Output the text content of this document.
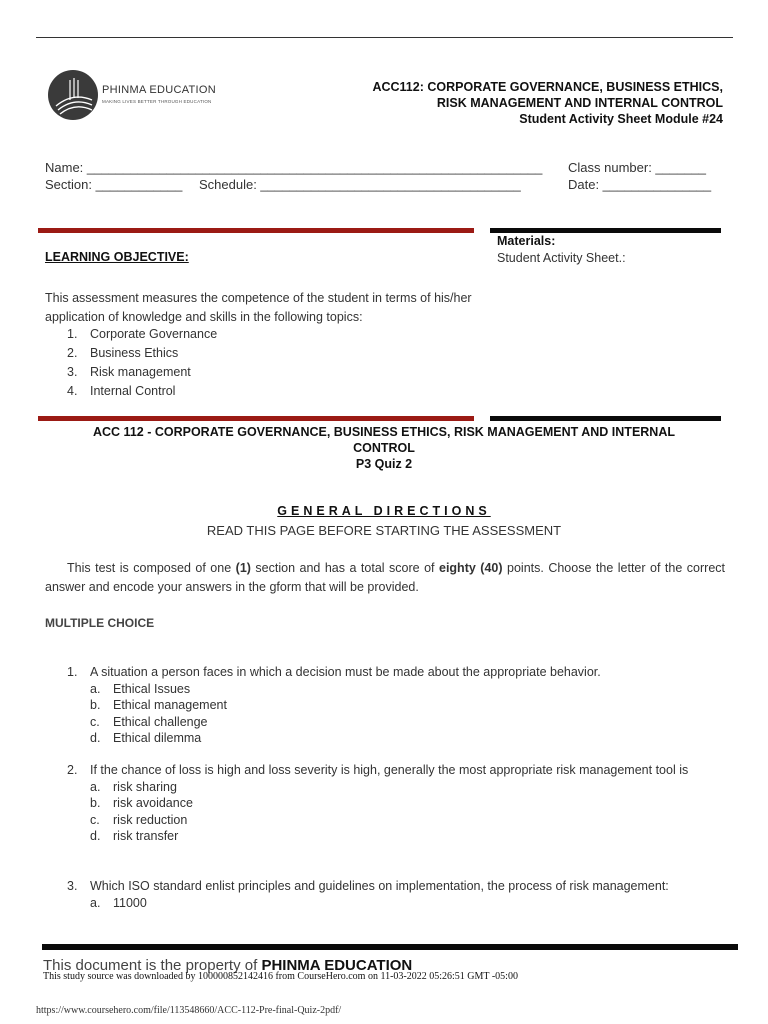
PHINMA EDUCATION
MAKING LIVES BETTER THROUGH EDUCATION
ACC112: CORPORATE GOVERNANCE, BUSINESS ETHICS,
RISK MANAGEMENT AND INTERNAL CONTROL
Student Activity Sheet Module #24
Name: _______________________________________________________________ Class number: _______
Section: ____________ Schedule: ____________________________________	Date: _______________
Materials:
Student Activity Sheet.:
LEARNING OBJECTIVE:
This assessment measures the competence of the student in terms of his/her application of knowledge and skills in the following topics:
1. Corporate Governance
2. Business Ethics
3. Risk management
4. Internal Control
ACC 112 - CORPORATE GOVERNANCE, BUSINESS ETHICS, RISK MANAGEMENT AND INTERNAL
CONTROL
P3 Quiz 2
GENERAL DIRECTIONS
READ THIS PAGE BEFORE STARTING THE ASSESSMENT
This test is composed of one (1) section and has a total score of eighty (40) points. Choose the letter of the correct answer and encode your answers in the gform that will be provided.
MULTIPLE CHOICE
1.	A situation a person faces in which a decision must be made about the appropriate behavior.
a.	Ethical Issues
b.	Ethical management
c.	Ethical challenge
d.	Ethical dilemma
2.	If the chance of loss is high and loss severity is high, generally the most appropriate risk management tool is
a.	risk sharing
b.	risk avoidance
c.	risk reduction
d.	risk transfer
3.	Which ISO standard enlist principles and guidelines on implementation, the process of risk management:
a.	11000
This document is the property of PHINMA EDUCATION
This study source was downloaded by 100000852142416 from CourseHero.com on 11-03-2022 05:26:51 GMT -05:00
https://www.coursehero.com/file/113548660/ACC-112-Pre-final-Quiz-2pdf/
